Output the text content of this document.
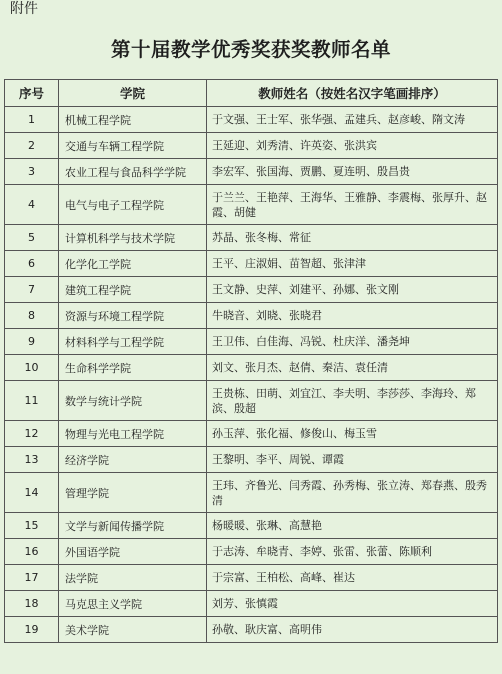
附件
第十届教学优秀奖获奖教师名单
序号	学院	教师姓名（按姓名汉字笔画排序）
1	机械工程学院	于文强、王士军、张华强、孟建兵、赵彦峻、隋文涛
2	交通与车辆工程学院	王延迎、刘秀清、许英姿、张洪宾
3	农业工程与食品科学学院	李宏军、张国海、贾鹏、夏连明、殷昌贵
4	电气与电子工程学院	于兰兰、王艳萍、王海华、王雅静、李震梅、张厚升、赵霞、胡健
5	计算机科学与技术学院	苏晶、张冬梅、常征
6	化学化工学院	王平、庄淑娟、苗智超、张津津
7	建筑工程学院	王文静、史萍、刘建平、孙娜、张文刚
8	资源与环境工程学院	牛晓音、刘晓、张晓君
9	材料科学与工程学院	王卫伟、白佳海、冯锐、杜庆洋、潘尧坤
10	生命科学学院	刘文、张月杰、赵倩、秦洁、袁任清
11	数学与统计学院	王贵栋、田萌、刘宜江、李夫明、李莎莎、李海玲、郑滨、殷超
12	物理与光电工程学院	孙玉萍、张化福、修俊山、梅玉雪
13	经济学院	王黎明、李平、周锐、谭霞
14	管理学院	王玮、齐鲁光、闫秀霞、孙秀梅、张立涛、郑春燕、殷秀清
15	文学与新闻传播学院	杨暖暖、张琳、高慧艳
16	外国语学院	于志涛、牟晓青、李婷、张雷、张蕾、陈顺利
17	法学院	于宗富、王柏松、高峰、崔达
18	马克思主义学院	刘芳、张慎霞
19	美术学院	孙敬、耿庆富、高明伟
